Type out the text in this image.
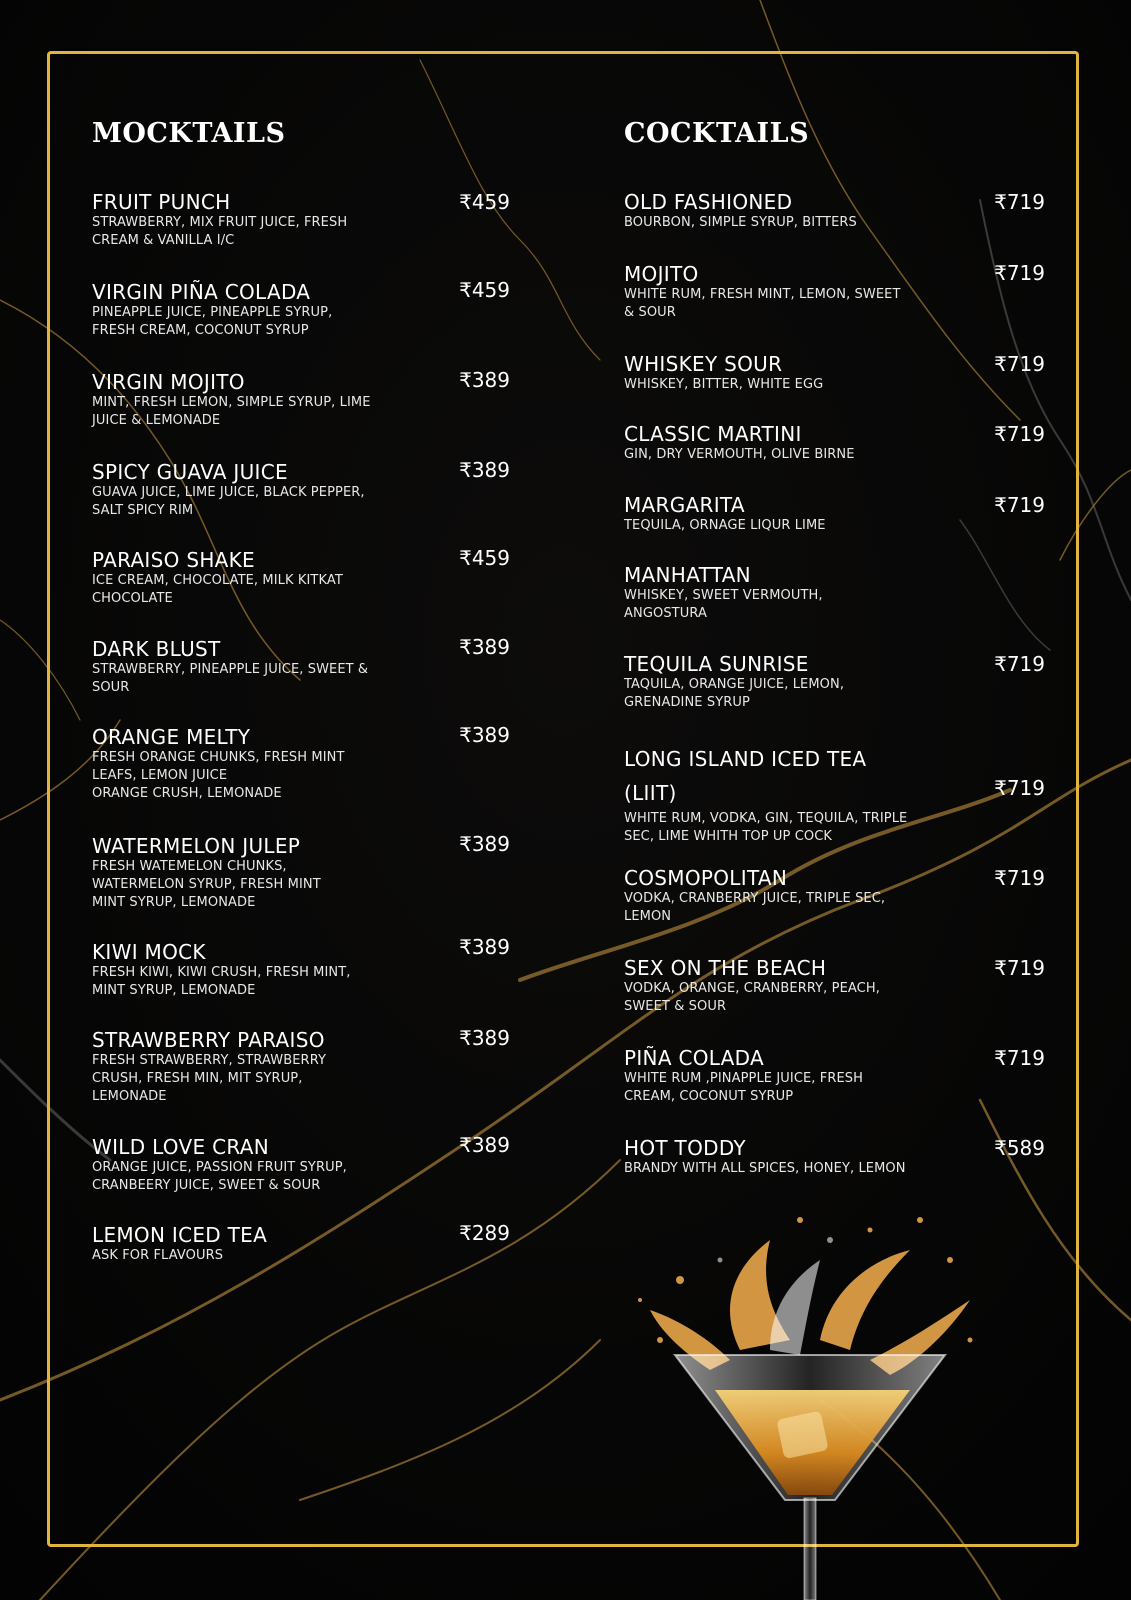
MOCKTAILS
FRUIT PUNCH
STRAWBERRY, MIX FRUIT JUICE, FRESH
CREAM & VANILLA I/C
₹459
VIRGIN PIÑA COLADA
PINEAPPLE JUICE, PINEAPPLE SYRUP,
FRESH CREAM, COCONUT SYRUP
₹459
VIRGIN MOJITO
MINT, FRESH LEMON, SIMPLE SYRUP, LIME
JUICE & LEMONADE
₹389
SPICY GUAVA JUICE
GUAVA JUICE, LIME JUICE, BLACK PEPPER,
SALT SPICY RIM
₹389
PARAISO SHAKE
ICE CREAM, CHOCOLATE, MILK KITKAT
CHOCOLATE
₹459
DARK BLUST
STRAWBERRY, PINEAPPLE JUICE, SWEET &
SOUR
₹389
ORANGE MELTY
FRESH ORANGE CHUNKS, FRESH MINT
LEAFS, LEMON JUICE
ORANGE CRUSH, LEMONADE
₹389
WATERMELON JULEP
FRESH WATEMELON CHUNKS,
WATERMELON SYRUP, FRESH MINT
MINT SYRUP, LEMONADE
₹389
KIWI MOCK
FRESH KIWI, KIWI CRUSH, FRESH MINT,
MINT SYRUP, LEMONADE
₹389
STRAWBERRY PARAISO
FRESH STRAWBERRY, STRAWBERRY
CRUSH, FRESH MIN, MIT SYRUP,
LEMONADE
₹389
WILD LOVE CRAN
ORANGE JUICE, PASSION FRUIT SYRUP,
CRANBEERY JUICE, SWEET & SOUR
₹389
LEMON ICED TEA
ASK FOR FLAVOURS
₹289
COCKTAILS
OLD FASHIONED
BOURBON, SIMPLE SYRUP, BITTERS
₹719
MOJITO
WHITE RUM, FRESH MINT, LEMON, SWEET
& SOUR
₹719
WHISKEY SOUR
WHISKEY, BITTER, WHITE EGG
₹719
CLASSIC MARTINI
GIN, DRY VERMOUTH, OLIVE BIRNE
₹719
MARGARITA
TEQUILA, ORNAGE LIQUR LIME
₹719
MANHATTAN
WHISKEY, SWEET VERMOUTH,
ANGOSTURA
TEQUILA SUNRISE
TAQUILA, ORANGE JUICE, LEMON,
GRENADINE SYRUP
₹719
LONG ISLAND ICED TEA
(LIIT)
WHITE RUM, VODKA, GIN, TEQUILA, TRIPLE
SEC, LIME WHITH TOP UP COCK
₹719
COSMOPOLITAN
VODKA, CRANBERRY JUICE, TRIPLE SEC,
LEMON
₹719
SEX ON THE BEACH
VODKA, ORANGE, CRANBERRY, PEACH,
SWEET & SOUR
₹719
PIÑA COLADA
WHITE RUM ,PINAPPLE JUICE, FRESH
CREAM, COCONUT SYRUP
₹719
HOT TODDY
BRANDY WITH ALL SPICES, HONEY, LEMON
₹589
